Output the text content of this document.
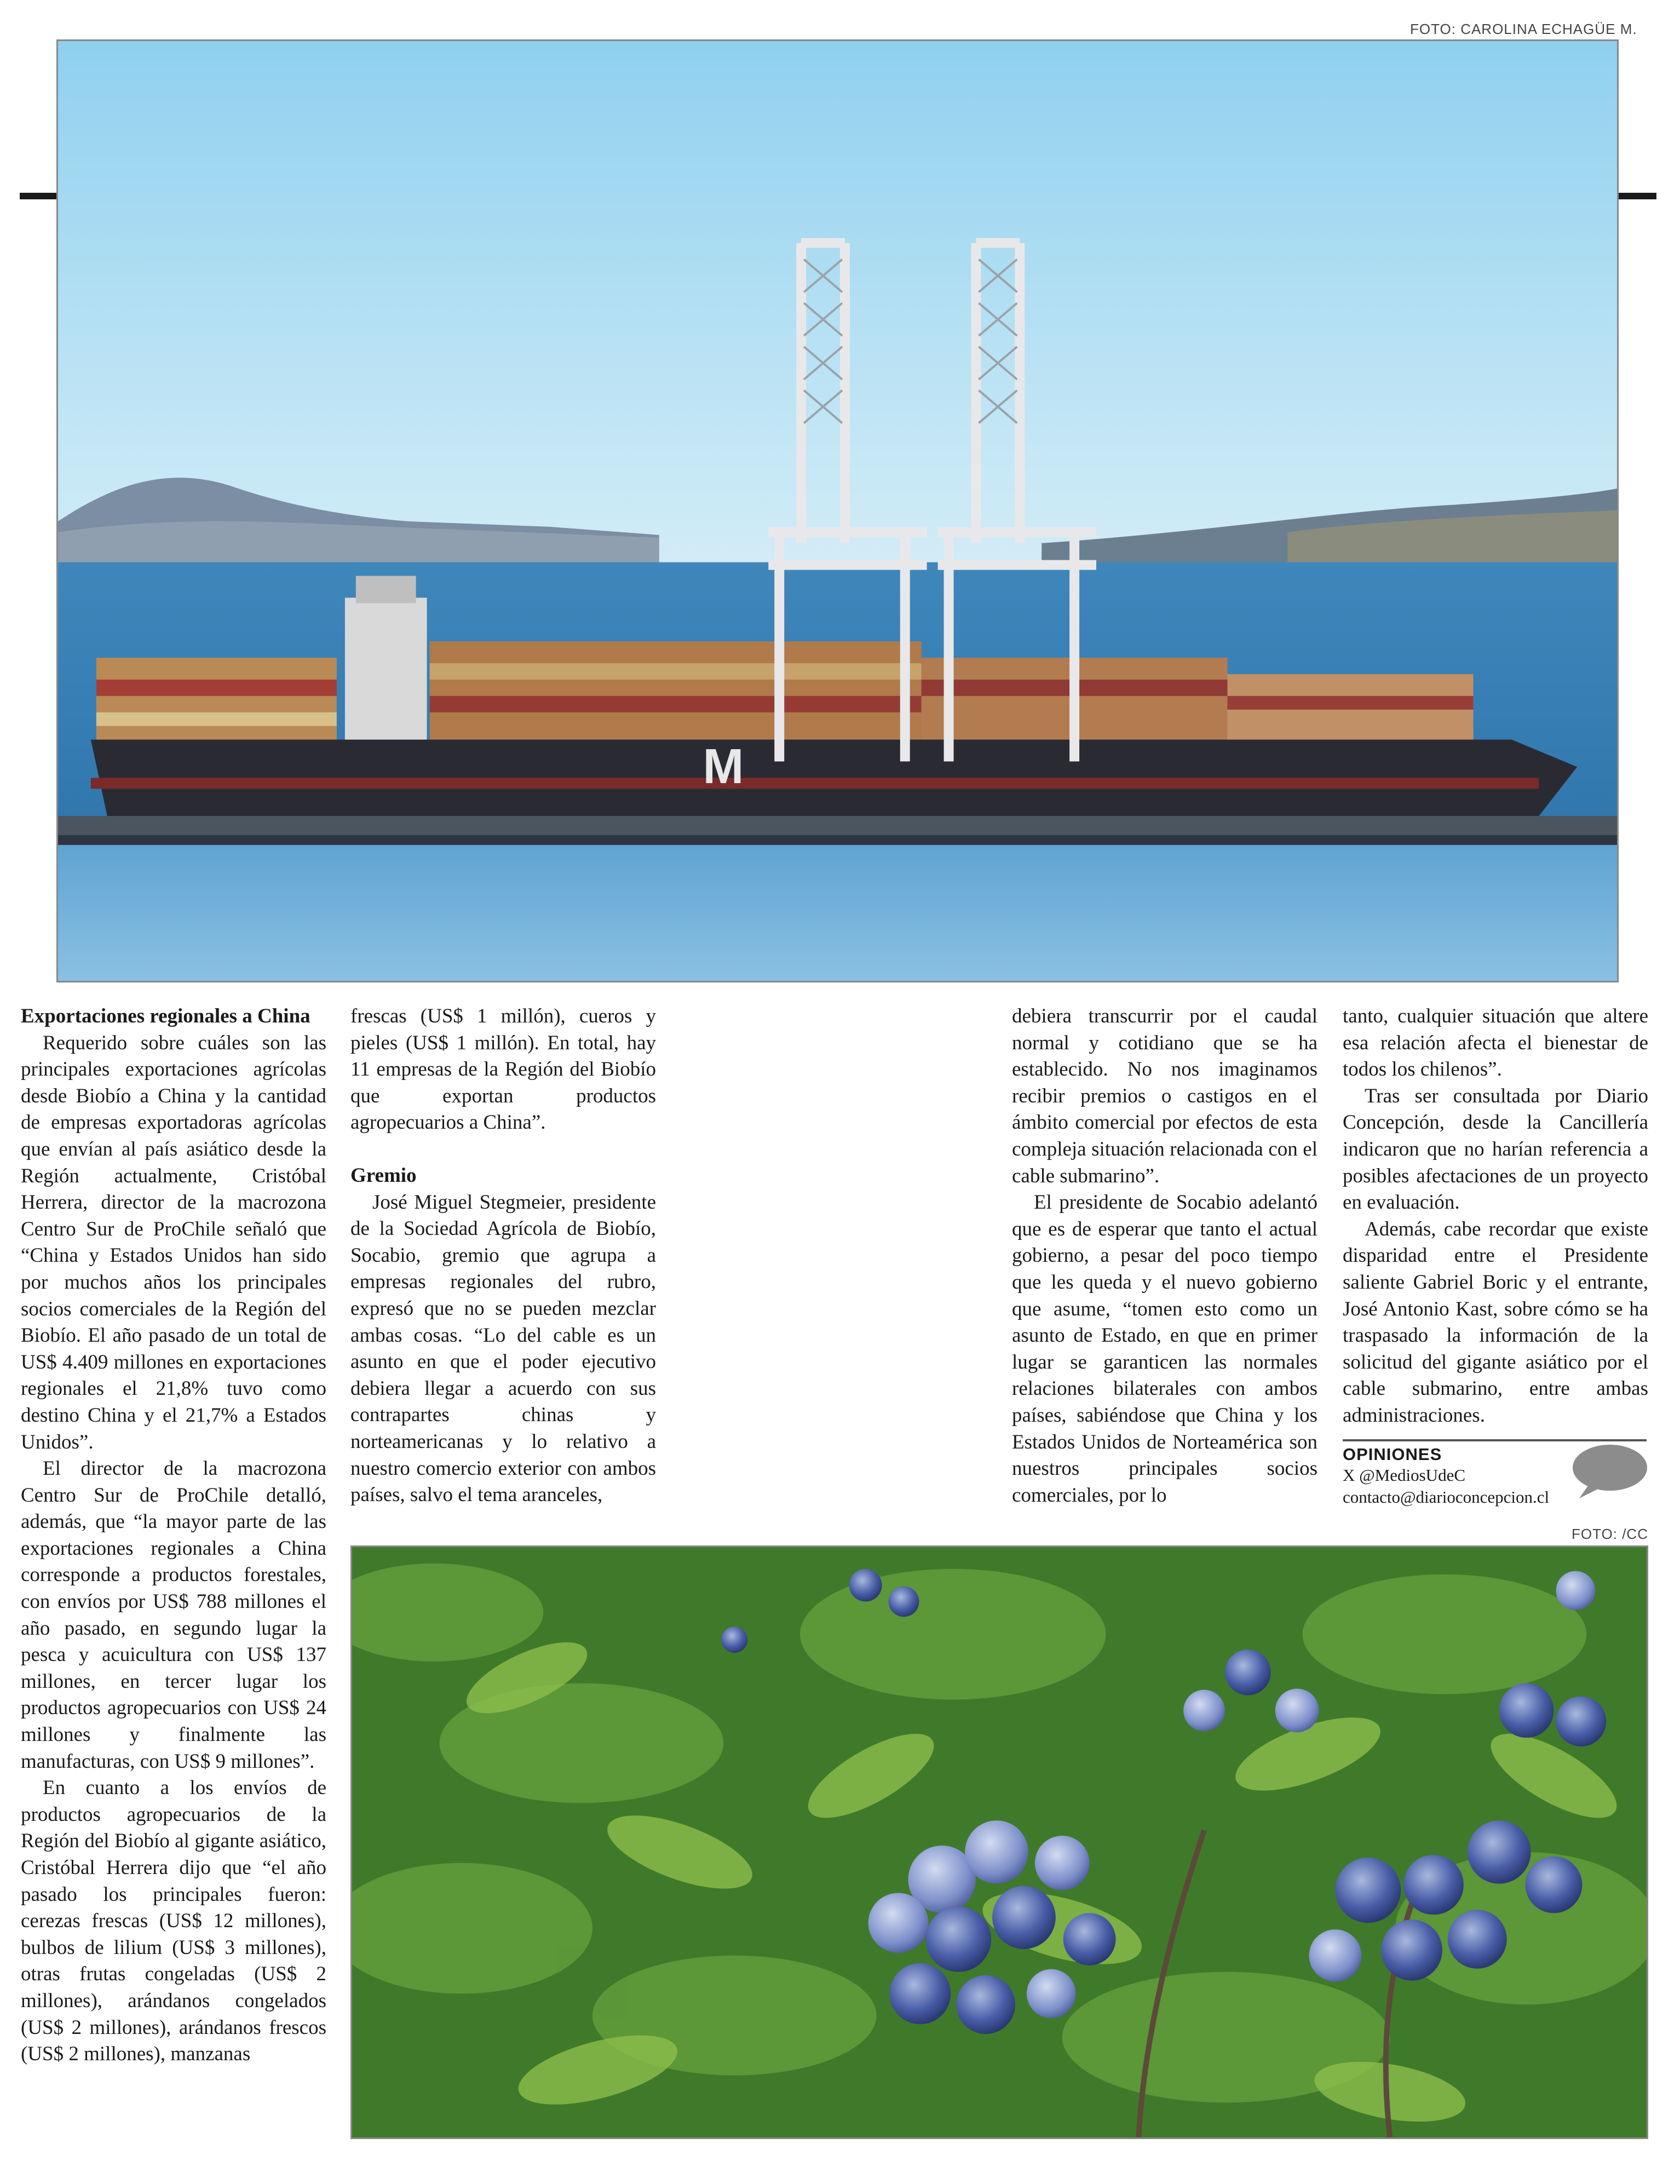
FOTO: CAROLINA ECHAGÜE M.
M
Exportaciones regionales a China

Requerido sobre cuáles son las principales exportaciones agrícolas desde Biobío a China y la cantidad de empresas exportadoras agrícolas que envían al país asiático desde la Región actualmente, Cristóbal Herrera, director de la macrozona Centro Sur de ProChile señaló que “China y Estados Unidos han sido por muchos años los principales socios comerciales de la Región del Biobío. El año pasado de un total de US$ 4.409 millones en exportaciones regionales el 21,8% tuvo como destino China y el 21,7% a Estados Unidos”.

El director de la macrozona Centro Sur de ProChile detalló, además, que “la mayor parte de las exportaciones regionales a China corresponde a productos forestales, con envíos por US$ 788 millones el año pasado, en segundo lugar la pesca y acuicultura con US$ 137 millones, en tercer lugar los productos agropecuarios con US$ 24 millones y finalmente las manufacturas, con US$ 9 millones”.

En cuanto a los envíos de productos agropecuarios de la Región del Biobío al gigante asiático, Cristóbal Herrera dijo que “el año pasado los principales fueron: cerezas frescas (US$ 12 millones), bulbos de lilium (US$ 3 millones), otras frutas congeladas (US$ 2 millones), arándanos congelados (US$ 2 millones), arándanos frescos (US$ 2 millones), manzanas

frescas (US$ 1 millón), cueros y pieles (US$ 1 millón). En total, hay 11 empresas de la Región del Biobío que exportan productos agropecuarios a China”.

Gremio

José Miguel Stegmeier, presidente de la Sociedad Agrícola de Biobío, Socabio, gremio que agrupa a empresas regionales del rubro, expresó que no se pueden mezclar ambas cosas. “Lo del cable es un asunto en que el poder ejecutivo debiera llegar a acuerdo con sus contrapartes chinas y norteamericanas y lo relativo a nuestro comercio exterior con ambos países, salvo el tema aranceles,

debiera transcurrir por el caudal normal y cotidiano que se ha establecido. No nos imaginamos recibir premios o castigos en el ámbito comercial por efectos de esta compleja situación relacionada con el cable submarino”.

El presidente de Socabio adelantó que es de esperar que tanto el actual gobierno, a pesar del poco tiempo que les queda y el nuevo gobierno que asume, “tomen esto como un asunto de Estado, en que en primer lugar se garanticen las normales relaciones bilaterales con ambos países, sabiéndose que China y los Estados Unidos de Norteamérica son nuestros principales socios comerciales, por lo

tanto, cualquier situación que altere esa relación afecta el bienestar de todos los chilenos”.

Tras ser consultada por Diario Concepción, desde la Cancillería indicaron que no harían referencia a posibles afectaciones de un proyecto en evaluación.

Además, cabe recordar que existe disparidad entre el Presidente saliente Gabriel Boric y el entrante, José Antonio Kast, sobre cómo se ha traspasado la información de la solicitud del gigante asiático por el cable submarino, entre ambas administraciones.

OPINIONES
X @MediosUdeC
contacto@diarioconcepcion.cl
FOTO: /CC
